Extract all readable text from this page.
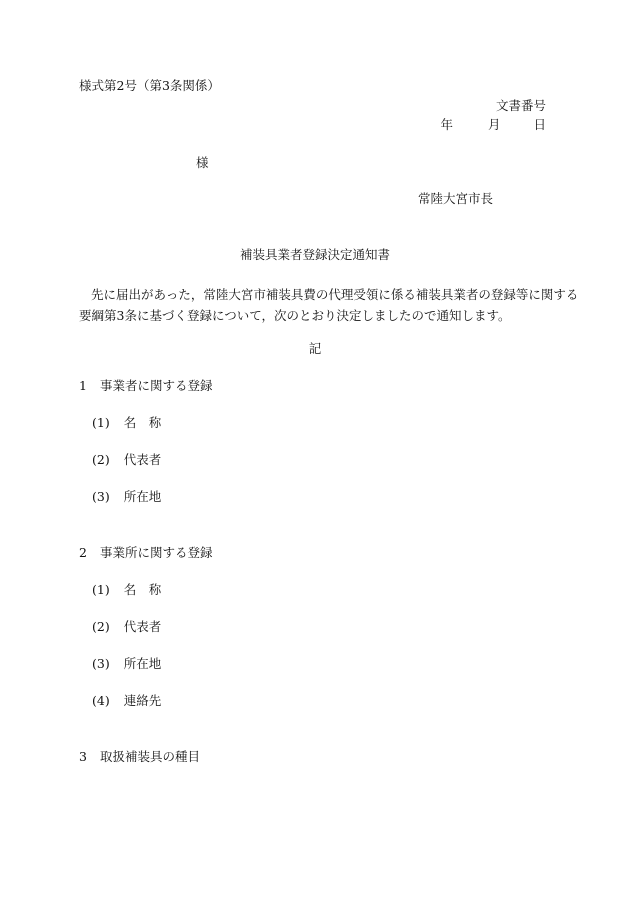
様式第2号（第3条関係）

文書番号

年	月	日

様

常陸大宮市長

補装具業者登録決定通知書
先に届出があった，常陸大宮市補装具費の代理受領に係る補装具業者の登録等に関する
要綱第3条に基づく登録について，次のとおり決定しましたので通知します。

記

1 事業者に関する登録
(1) 名　称
(2) 代表者
(3) 所在地
2 事業所に関する登録
(1) 名　称
(2) 代表者
(3) 所在地
(4) 連絡先
3 取扱補装具の種目
